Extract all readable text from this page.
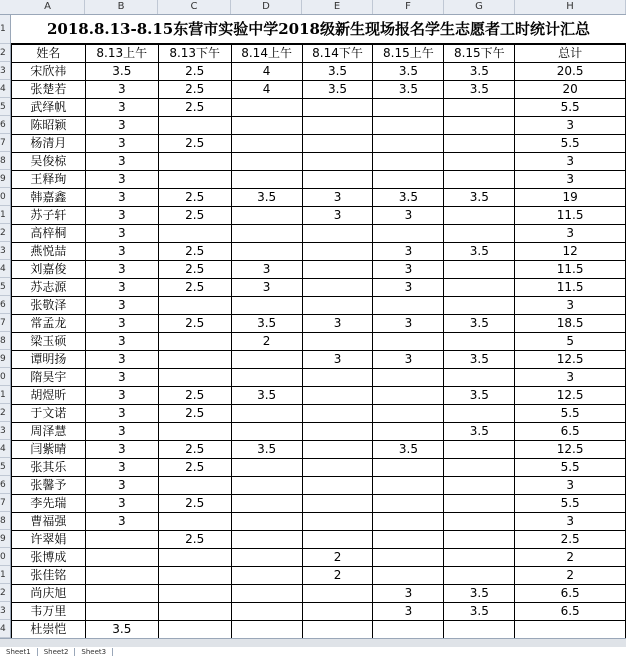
A	B	C	D	E	F	G	H
1
2
3
4
5
6
7
8
9
0
1
2
3
4
5
6
7
8
9
0
1
2
3
4
5
6
7
8
9
0
1
2
3
4
2018.8.13-8.15东营市实验中学2018级新生现场报名学生志愿者工时统计汇总
姓名	8.13上午	8.13下午	8.14上午	8.14下午	8.15上午	8.15下午	总计
宋欣祎	3.5	2.5	4	3.5	3.5	3.5	20.5
张楚若	3	2.5	4	3.5	3.5	3.5	20
武绎帆	3	2.5					5.5
陈昭颖	3						3
杨清月	3	2.5					5.5
吴俊椋	3						3
王释珣	3						3
韩嘉鑫	3	2.5	3.5	3	3.5	3.5	19
苏子轩	3	2.5		3	3		11.5
高梓桐	3						3
燕悦喆	3	2.5			3	3.5	12
刘嘉俊	3	2.5	3		3		11.5
苏志源	3	2.5	3		3		11.5
张敬泽	3						3
常孟龙	3	2.5	3.5	3	3	3.5	18.5
梁玉硕	3		2				5
谭明扬	3			3	3	3.5	12.5
隋昊宇	3						3
胡煜昕	3	2.5	3.5			3.5	12.5
于文诺	3	2.5					5.5
周泽慧	3					3.5	6.5
闫紫晴	3	2.5	3.5		3.5		12.5
张其乐	3	2.5					5.5
张馨予	3						3
李先瑞	3	2.5					5.5
曹福强	3						3
许翠娟		2.5					2.5
张博成				2			2
张佳铭				2			2
尚庆旭					3	3.5	6.5
韦万里					3	3.5	6.5
杜崇恺	3.5						
Sheet1 Sheet2 Sheet3
